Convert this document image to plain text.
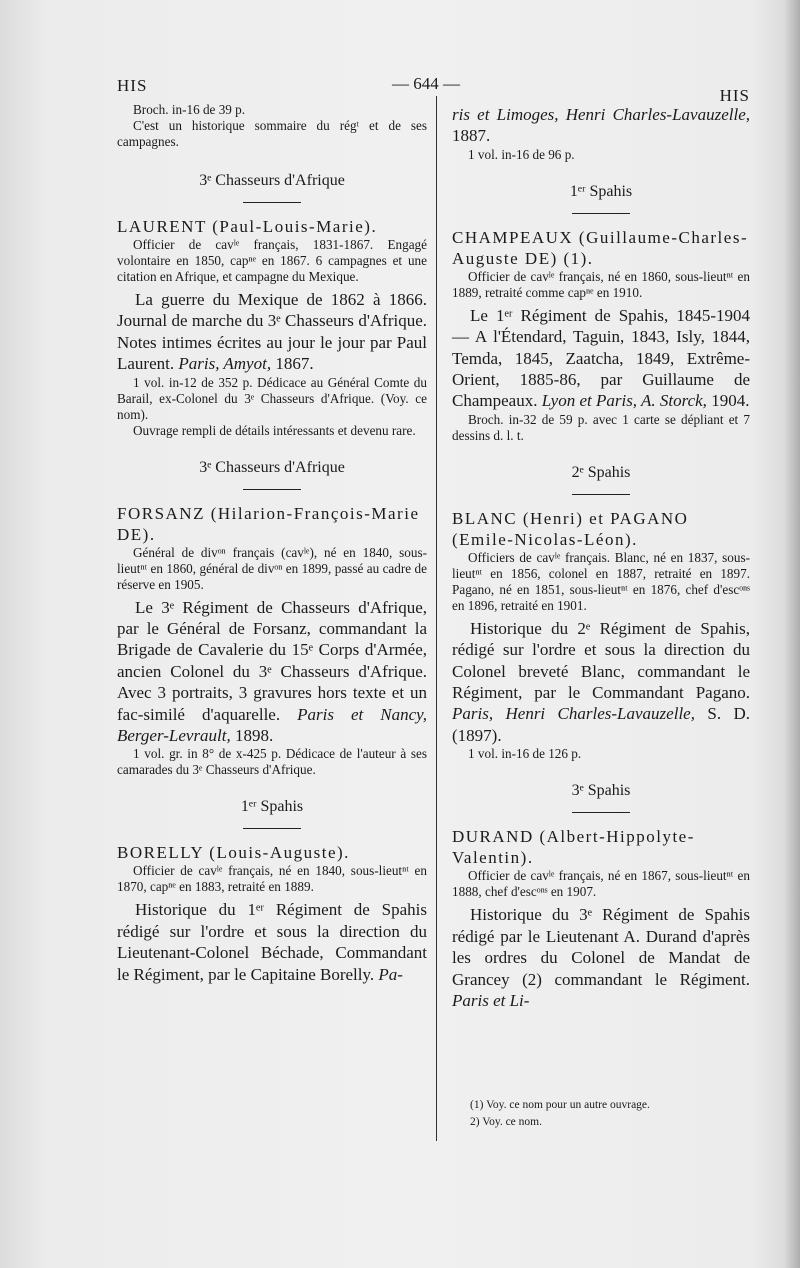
HIS	— 644 —
HIS

Broch. in-16 de 39 p.

C'est un historique sommaire du régᵗ et de ses campagnes.

3ᵉ Chasseurs d'Afrique

LAURENT (Paul-Louis-Marie).

Officier de cavˡᵉ français, 1831-1867. Engagé volontaire en 1850, capⁿᵉ en 1867. 6 campagnes et une citation en Afrique, et campagne du Mexique.

La guerre du Mexique de 1862 à 1866. Journal de marche du 3ᵉ Chasseurs d'Afrique. Notes intimes écrites au jour le jour par Paul Laurent. Paris, Amyot, 1867.

1 vol. in-12 de 352 p. Dédicace au Général Comte du Barail, ex-Colonel du 3ᵉ Chasseurs d'Afrique. (Voy. ce nom).

Ouvrage rempli de détails intéressants et devenu rare.

3ᵉ Chasseurs d'Afrique

FORSANZ (Hilarion-François-Marie DE).

Général de divᵒⁿ français (cavˡᵉ), né en 1840, sous-lieutⁿᵗ en 1860, général de divᵒⁿ en 1899, passé au cadre de réserve en 1905.

Le 3ᵉ Régiment de Chasseurs d'Afrique, par le Général de Forsanz, commandant la Brigade de Cavalerie du 15ᵉ Corps d'Armée, ancien Colonel du 3ᵉ Chasseurs d'Afrique. Avec 3 portraits, 3 gravures hors texte et un fac-similé d'aquarelle. Paris et Nancy, Berger-Levrault, 1898.

1 vol. gr. in 8° de x-425 p. Dédicace de l'auteur à ses camarades du 3ᵉ Chasseurs d'Afrique.

1ᵉʳ Spahis

BORELLY (Louis-Auguste).

Officier de cavˡᵉ français, né en 1840, sous-lieutⁿᵗ en 1870, capⁿᵉ en 1883, retraité en 1889.

Historique du 1ᵉʳ Régiment de Spahis rédigé sur l'ordre et sous la direction du Lieutenant-Colonel Béchade, Commandant le Régiment, par le Capitaine Borelly. Pa-

ris et Limoges, Henri Charles-Lavauzelle, 1887.

1 vol. in-16 de 96 p.

1ᵉʳ Spahis

CHAMPEAUX (Guillaume-Charles-Auguste DE) (1).

Officier de cavˡᵉ français, né en 1860, sous-lieutⁿᵗ en 1889, retraité comme capⁿᵉ en 1910.

Le 1ᵉʳ Régiment de Spahis, 1845-1904 — A l'Étendard, Taguin, 1843, Isly, 1844, Temda, 1845, Zaatcha, 1849, Extrême-Orient, 1885-86, par Guillaume de Champeaux. Lyon et Paris, A. Storck, 1904.

Broch. in-32 de 59 p. avec 1 carte se dépliant et 7 dessins d. l. t.

2ᵉ Spahis

BLANC (Henri) et PAGANO (Emile-Nicolas-Léon).

Officiers de cavˡᵉ français. Blanc, né en 1837, sous-lieutⁿᵗ en 1856, colonel en 1887, retraité en 1897. Pagano, né en 1851, sous-lieutⁿᵗ en 1876, chef d'escᵒⁿˢ en 1896, retraité en 1901.

Historique du 2ᵉ Régiment de Spahis, rédigé sur l'ordre et sous la direction du Colonel breveté Blanc, commandant le Régiment, par le Commandant Pagano. Paris, Henri Charles-Lavauzelle, S. D. (1897).

1 vol. in-16 de 126 p.

3ᵉ Spahis

DURAND (Albert-Hippolyte-Valentin).

Officier de cavˡᵉ français, né en 1867, sous-lieutⁿᵗ en 1888, chef d'escᵒⁿˢ en 1907.

Historique du 3ᵉ Régiment de Spahis rédigé par le Lieutenant A. Durand d'après les ordres du Colonel de Mandat de Grancey (2) commandant le Régiment. Paris et Li-

(1) Voy. ce nom pour un autre ouvrage.

2) Voy. ce nom.
